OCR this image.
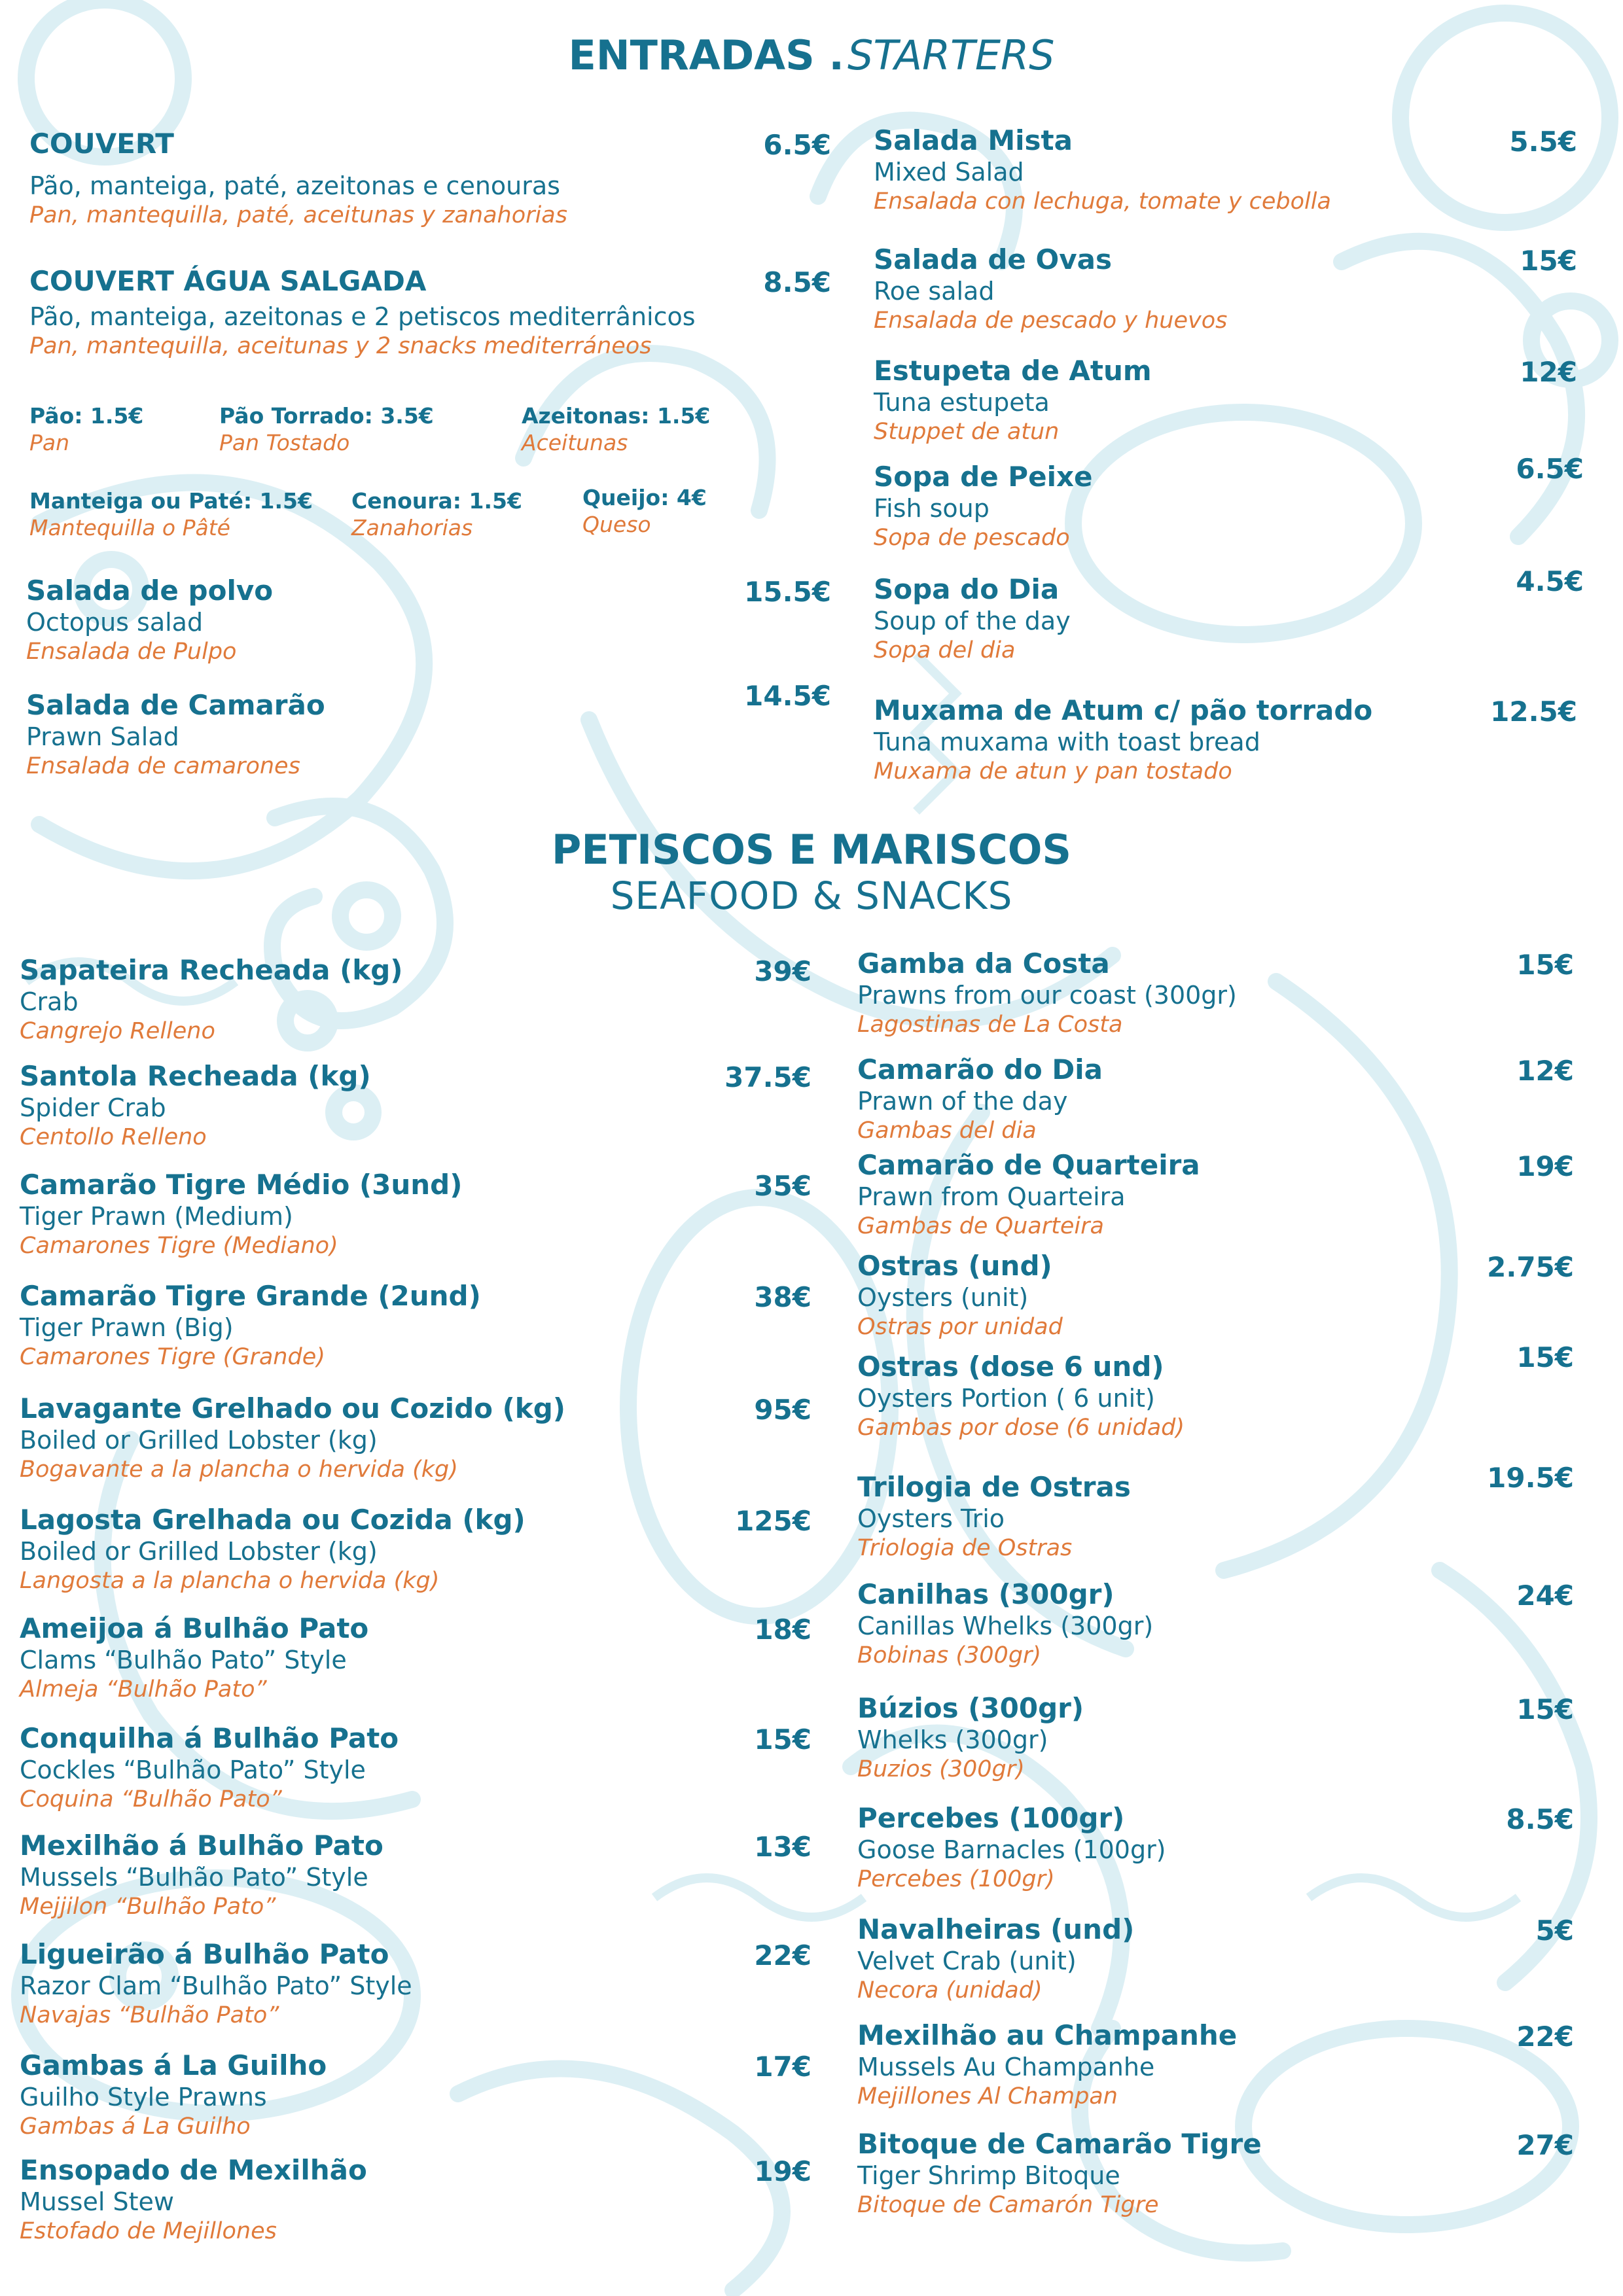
ENTRADAS . STARTERS
COUVERT
Pão, manteiga, paté, azeitonas e cenouras
Pan, mantequilla, paté, aceitunas y zanahorias
6.5€
COUVERT ÁGUA SALGADA
Pão, manteiga, azeitonas e 2 petiscos mediterrânicos
Pan, mantequilla, aceitunas y 2 snacks mediterráneos
8.5€
Pão: 1.5€
Pan
Pão Torrado: 3.5€
Pan Tostado
Azeitonas: 1.5€
Aceitunas
Manteiga ou Paté: 1.5€
Mantequilla o Pâté
Cenoura: 1.5€
Zanahorias
Queijo: 4€
Queso
Salada de polvo
Octopus salad
Ensalada de Pulpo
15.5€
Salada de Camarão
Prawn Salad
Ensalada de camarones
14.5€
Salada Mista
Mixed Salad
Ensalada con lechuga, tomate y cebolla
5.5€
Salada de Ovas
Roe salad
Ensalada de pescado y huevos
15€
Estupeta de Atum
Tuna estupeta
Stuppet de atun
12€
Sopa de Peixe
Fish soup
Sopa de pescado
6.5€
Sopa do Dia
Soup of the day
Sopa del dia
4.5€
Muxama de Atum c/ pão torrado
Tuna muxama with toast bread
Muxama de atun y pan tostado
12.5€
PETISCOS E MARISCOS
SEAFOOD & SNACKS
Sapateira Recheada (kg)
Crab
Cangrejo Relleno
39€
Santola Recheada (kg)
Spider Crab
Centollo Relleno
37.5€
Camarão Tigre Médio (3und)
Tiger Prawn (Medium)
Camarones Tigre (Mediano)
35€
Camarão Tigre Grande (2und)
Tiger Prawn (Big)
Camarones Tigre (Grande)
38€
Lavagante Grelhado ou Cozido (kg)
Boiled or Grilled Lobster (kg)
Bogavante a la plancha o hervida (kg)
95€
Lagosta Grelhada ou Cozida (kg)
Boiled or Grilled Lobster (kg)
Langosta a la plancha o hervida (kg)
125€
Ameijoa á Bulhão Pato
Clams “Bulhão Pato” Style
Almeja “Bulhão Pato”
18€
Conquilha á Bulhão Pato
Cockles “Bulhão Pato” Style
Coquina “Bulhão Pato”
15€
Mexilhão á Bulhão Pato
Mussels “Bulhão Pato” Style
Mejjilon “Bulhão Pato”
13€
Ligueirão á Bulhão Pato
Razor Clam “Bulhão Pato” Style
Navajas “Bulhão Pato”
22€
Gambas á La Guilho
Guilho Style Prawns
Gambas á La Guilho
17€
Ensopado de Mexilhão
Mussel Stew
Estofado de Mejillones
19€
Gamba da Costa
Prawns from our coast (300gr)
Lagostinas de La Costa
15€
Camarão do Dia
Prawn of the day
Gambas del dia
12€
Camarão de Quarteira
Prawn from Quarteira
Gambas de Quarteira
19€
Ostras (und)
Oysters (unit)
Ostras por unidad
2.75€
Ostras (dose 6 und)
Oysters Portion ( 6 unit)
Gambas por dose (6 unidad)
15€
Trilogia de Ostras
Oysters Trio
Triologia de Ostras
19.5€
Canilhas (300gr)
Canillas Whelks (300gr)
Bobinas (300gr)
24€
Búzios (300gr)
Whelks (300gr)
Buzios (300gr)
15€
Percebes (100gr)
Goose Barnacles (100gr)
Percebes (100gr)
8.5€
Navalheiras (und)
Velvet Crab (unit)
Necora (unidad)
5€
Mexilhão au Champanhe
Mussels Au Champanhe
Mejillones Al Champan
22€
Bitoque de Camarão Tigre
Tiger Shrimp Bitoque
Bitoque de Camarón Tigre
27€
